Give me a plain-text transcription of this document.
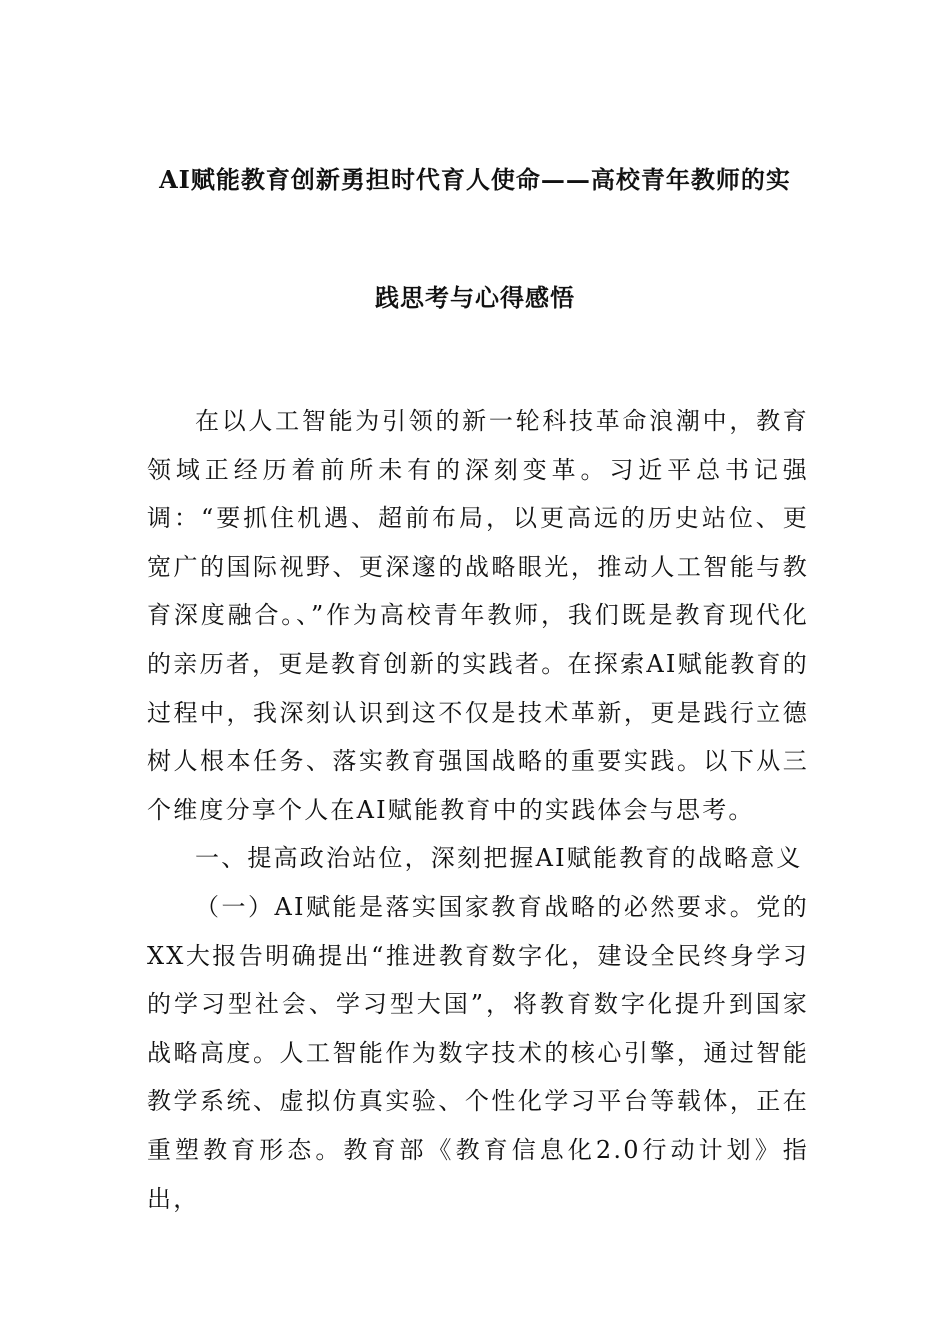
AI赋能教育创新勇担时代育人使命——高校青年教师的实
践思考与心得感悟

在以人工智能为引领的新一轮科技革命浪潮中，教育领域正经历着前所未有的深刻变革。习近平总书记强调：“要抓住机遇、超前布局，以更高远的历史站位、更宽广的国际视野、更深邃的战略眼光，推动人工智能与教育深度融合。、”作为高校青年教师，我们既是教育现代化的亲历者，更是教育创新的实践者。在探索AI赋能教育的过程中，我深刻认识到这不仅是技术革新，更是践行立德树人根本任务、落实教育强国战略的重要实践。以下从三个维度分享个人在AI赋能教育中的实践体会与思考。

一、提高政治站位，深刻把握AI赋能教育的战略意义

（一）AI赋能是落实国家教育战略的必然要求。党的XX大报告明确提出“推进教育数字化，建设全民终身学习的学习型社会、学习型大国”，将教育数字化提升到国家战略高度。人工智能作为数字技术的核心引擎，通过智能教学系统、虚拟仿真实验、个性化学习平台等载体，正在重塑教育形态。教育部《教育信息化2.0行动计划》指出，
